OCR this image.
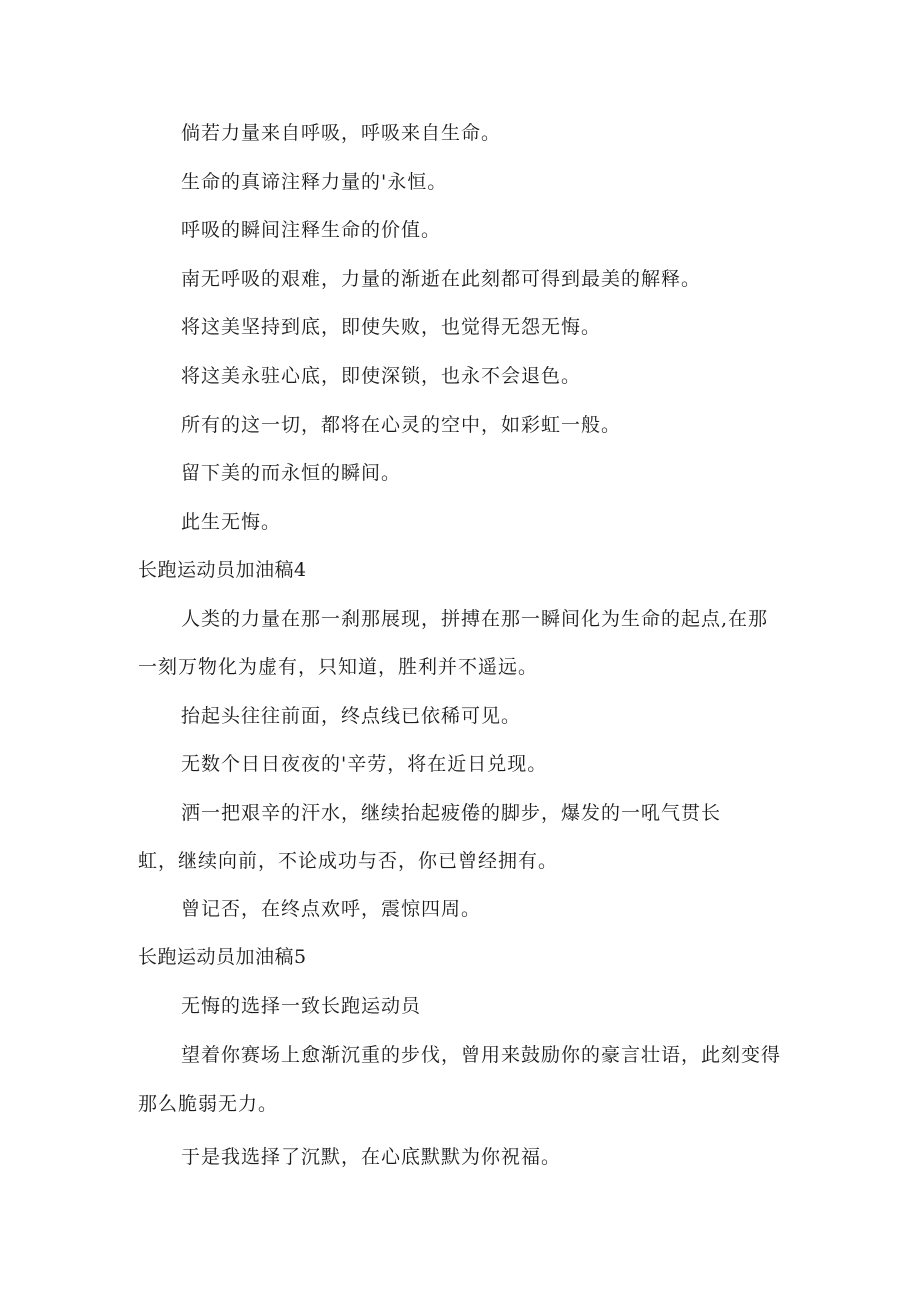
倘若力量来自呼吸，呼吸来自生命。
生命的真谛注释力量的'永恒。
呼吸的瞬间注释生命的价值。
南无呼吸的艰难，力量的渐逝在此刻都可得到最美的解释。
将这美坚持到底，即使失败，也觉得无怨无悔。
将这美永驻心底，即使深锁，也永不会退色。
所有的这一切，都将在心灵的空中，如彩虹一般。
留下美的而永恒的瞬间。
此生无悔。
长跑运动员加油稿4
人类的力量在那一刹那展现，拼搏在那一瞬间化为生命的起点,在那
一刻万物化为虚有，只知道，胜利并不遥远。
抬起头往往前面，终点线已依稀可见。
无数个日日夜夜的'辛劳，将在近日兑现。
洒一把艰辛的汗水，继续抬起疲倦的脚步，爆发的一吼气贯长
虹，继续向前，不论成功与否，你已曾经拥有。
曾记否，在终点欢呼，震惊四周。
长跑运动员加油稿5
无悔的选择一致长跑运动员
望着你赛场上愈渐沉重的步伐，曾用来鼓励你的豪言壮语，此刻变得
那么脆弱无力。
于是我选择了沉默，在心底默默为你祝福。
